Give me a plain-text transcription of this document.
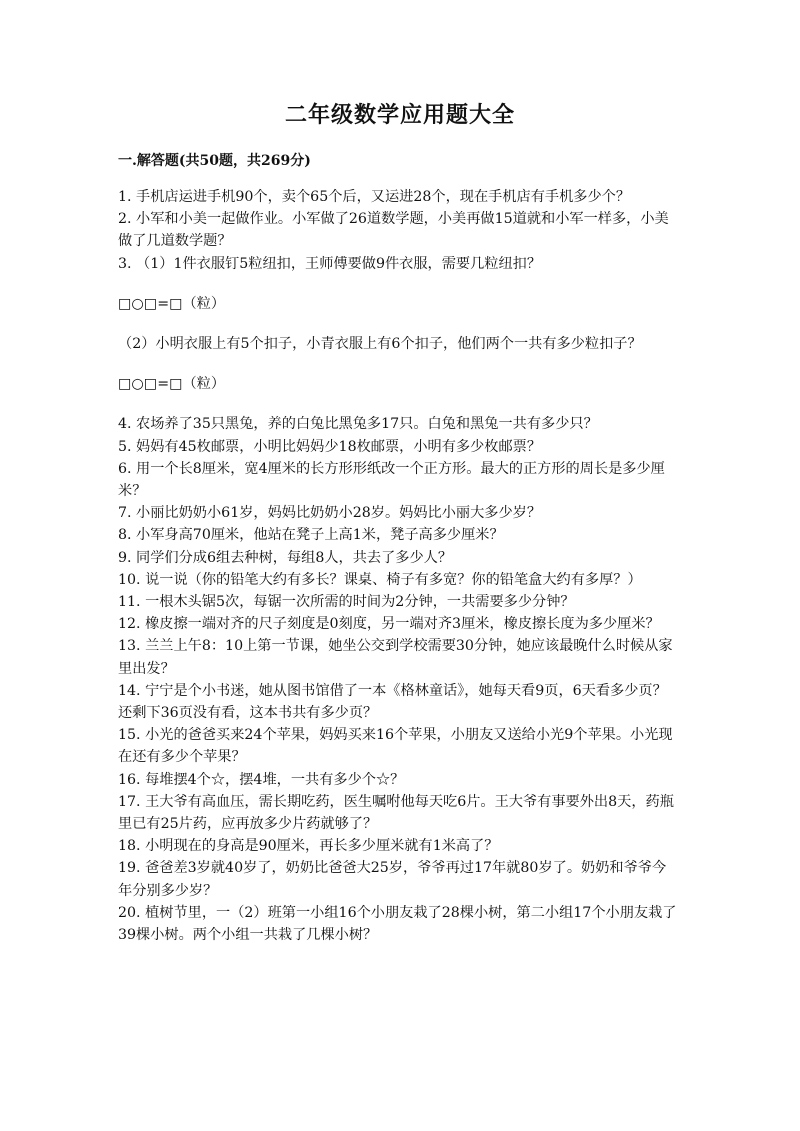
二年级数学应用题大全
一.解答题(共50题，共269分)

1. 手机店运进手机90个，卖个65个后，又运进28个，现在手机店有手机多少个？

2. 小军和小美一起做作业。小军做了26道数学题，小美再做15道就和小军一样多，小美做了几道数学题？

3. （1）1件衣服钉5粒纽扣，王师傅要做9件衣服，需要几粒纽扣？

□○□=□（粒）

（2）小明衣服上有5个扣子，小青衣服上有6个扣子，他们两个一共有多少粒扣子？

□○□=□（粒）

4. 农场养了35只黑兔，养的白兔比黑兔多17只。白兔和黑兔一共有多少只？

5. 妈妈有45枚邮票，小明比妈妈少18枚邮票，小明有多少枚邮票？

6. 用一个长8厘米，宽4厘米的长方形形纸改一个正方形。最大的正方形的周长是多少厘米？

7. 小丽比奶奶小61岁，妈妈比奶奶小28岁。妈妈比小丽大多少岁？

8. 小军身高70厘米，他站在凳子上高1米，凳子高多少厘米？

9. 同学们分成6组去种树，每组8人，共去了多少人？

10. 说一说（你的铅笔大约有多长？课桌、椅子有多宽？你的铅笔盒大约有多厚？）

11. 一根木头锯5次，每锯一次所需的时间为2分钟，一共需要多少分钟？

12. 橡皮擦一端对齐的尺子刻度是0刻度，另一端对齐3厘米，橡皮擦长度为多少厘米？

13. 兰兰上午8：10上第一节课，她坐公交到学校需要30分钟，她应该最晚什么时候从家里出发？

14. 宁宁是个小书迷，她从图书馆借了一本《格林童话》，她每天看9页，6天看多少页？还剩下36页没有看，这本书共有多少页？

15. 小光的爸爸买来24个苹果，妈妈买来16个苹果，小朋友又送给小光9个苹果。小光现在还有多少个苹果？

16. 每堆摆4个☆，摆4堆，一共有多少个☆？

17. 王大爷有高血压，需长期吃药，医生嘱咐他每天吃6片。王大爷有事要外出8天，药瓶里已有25片药，应再放多少片药就够了？

18. 小明现在的身高是90厘米，再长多少厘米就有1米高了？

19. 爸爸差3岁就40岁了，奶奶比爸爸大25岁，爷爷再过17年就80岁了。奶奶和爷爷今年分别多少岁？

20. 植树节里，一（2）班第一小组16个小朋友栽了28棵小树，第二小组17个小朋友栽了39棵小树。两个小组一共栽了几棵小树？
